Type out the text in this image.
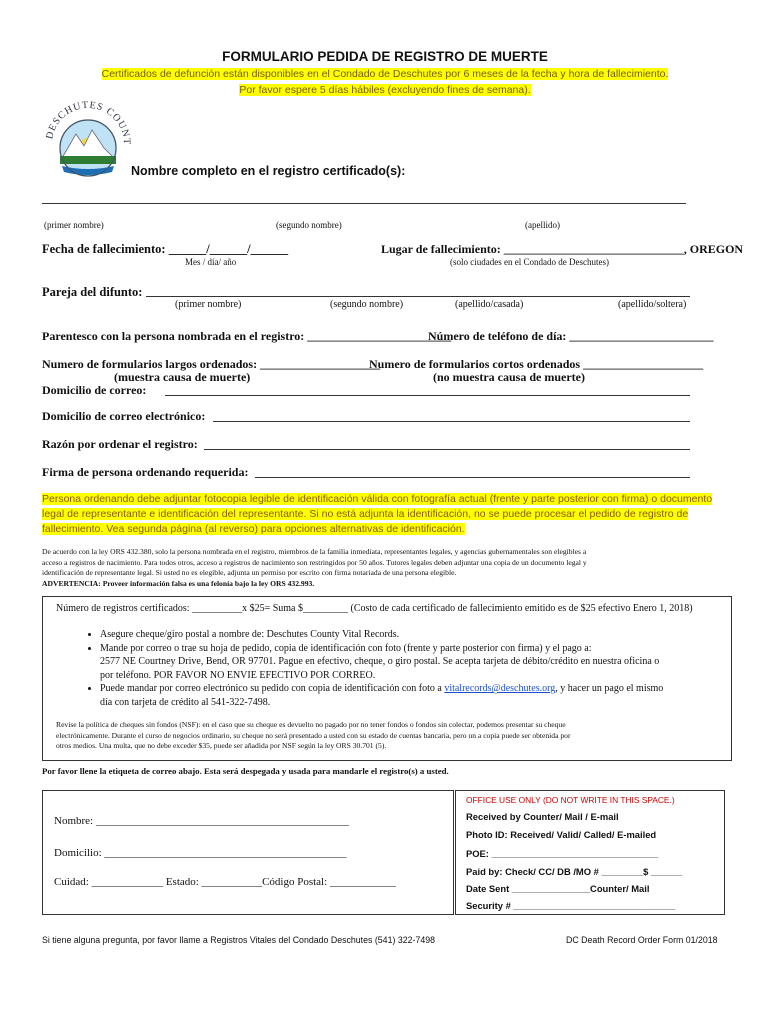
FORMULARIO PEDIDA DE REGISTRO DE MUERTE
Certificados de defunción están disponibles en el Condado de Deschutes por 6 meses de la fecha y hora de fallecimiento.
Por favor espere 5 días hábiles (excluyendo fines de semana).
DESCHUTES COUNT
Nombre completo en el registro certificado(s):
(primer nombre)	(segundo nombre)	(apellido)
Fecha de fallecimiento: ______/______/______
Mes / día/ año
Lugar de fallecimiento: ______________________________, OREGON
(solo ciudades en el Condado de Deschutes)
Pareja del difunto:
(primer nombre)	(segundo nombre)	(apellido/casada)	(apellido/soltera)
Parentesco con la persona nombrada en el registro: ________________________
Número de teléfono de día: ________________________
Numero de formularios largos ordenados: ____________________
(muestra causa de muerte)
Numero de formularios cortos ordenados ____________________
(no muestra causa de muerte)
Domicilio de correo:
Domicilio de correo electrónico:
Razón por ordenar el registro:
Firma de persona ordenando requerida:
Persona ordenando debe adjuntar fotocopia legible de identificación válida con fotografía actual (frente y parte posterior con firma) o documento
legal de representante e identificación del representante. Si no está adjunta la identificación, no se puede procesar el pedido de registro de
fallecimiento. Vea segunda página (al reverso) para opciones alternativas de identificación.
De acuerdo con la ley ORS 432.380, solo la persona nombrada en el registro, miembros de la familia inmediata, representantes legales, y agencias gubernamentales son elegibles a
acceso a registros de nacimiento. Para todos otros, acceso a registros de nacimiento son restringidos por 50 años. Tutores legales deben adjuntar una copia de un documento legal y
identificación de representante legal. Si usted no es elegible, adjunta un permiso por escrito con firma notariada de una persona elegible.
ADVERTENCIA: Proveer información falsa es una felonía bajo la ley ORS 432.993.
Número de registros certificados: __________x $25= Suma $_________ (Costo de cada certificado de fallecimiento emitido es de $25 efectivo Enero 1, 2018)
• Asegure cheque/giro postal a nombre de: Deschutes County Vital Records.
• Mande por correo o trae su hoja de pedido, copia de identificación con foto (frente y parte posterior con firma) y el pago a:
2577 NE Courtney Drive, Bend, OR 97701. Pague en efectivo, cheque, o giro postal. Se acepta tarjeta de débito/crédito en nuestra oficina o
por teléfono. POR FAVOR NO ENVIE EFECTIVO POR CORREO.
• Puede mandar por correo electrónico su pedido con copia de identificación con foto a vitalrecords@deschutes.org, y hacer un pago el mismo
día con tarjeta de crédito al 541-322-7498.
Revise la política de cheques sin fondos (NSF): en el caso que su cheque es devuelto no pagado por no tener fondos o fondos sin colectar, podemos presentar su cheque
electrónicamente. Durante el curso de negocios ordinario, su cheque no será presentado a usted con su estado de cuentas bancaria, pero un a copia puede ser obtenida por
otros medios. Una multa, que no debe exceder $35, puede ser añadida por NSF según la ley ORS 30.701 (5).
Por favor llene la etiqueta de correo abajo. Esta será despegada y usada para mandarle el registro(s) a usted.
Nombre: ______________________________________________
Domicilio: ____________________________________________
Cuidad: _____________ Estado: ___________Código Postal: ____________
OFFICE USE ONLY (DO NOT WRITE IN THIS SPACE.)
Received by Counter/ Mail / E-mail
Photo ID: Received/ Valid/ Called/ E-mailed
POE: ________________________________
Paid by: Check/ CC/ DB /MO # ________$ ______
Date Sent _______________Counter/ Mail
Security # _______________________________
Si tiene alguna pregunta, por favor llame a Registros Vitales del Condado Deschutes (541) 322-7498	DC Death Record Order Form 01/2018
